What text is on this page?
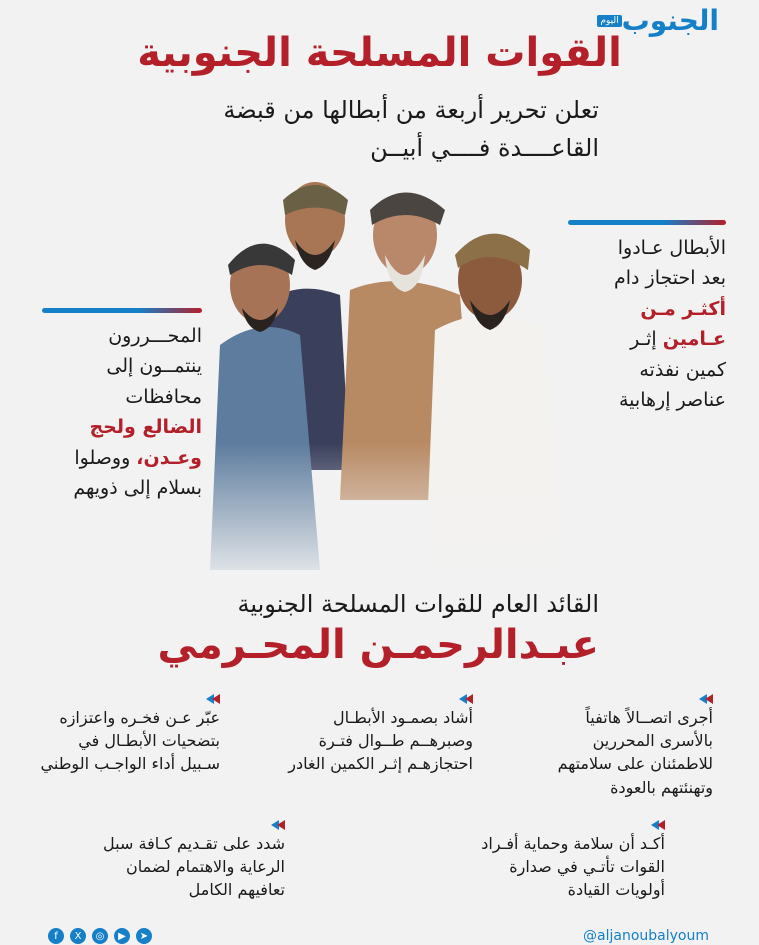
اليوم الجنوب
القوات المسلحة الجنوبية
تعلن تحرير أربعة من أبطالها من قبضة
القاعــــدة فــــي أبيــن
الأبطال عـادوا
بعد احتجاز دام
أكثـر مـن
عـامين إثـر
كمين نفذته
عناصر إرهابية
المحـــررون
ينتمــون إلى
محافظات
الضالع ولحج
وعـدن، ووصلوا
بسلام إلى ذويهم
القائد العام للقوات المسلحة الجنوبية
عبـدالرحمـن المحـرمي
أجرى اتصــالاً هاتفياً بالأسرى المحررين للاطمئنان على سلامتهم وتهنئتهم بالعودة
أشاد بصمـود الأبطـال وصبرهــم طــوال فتـرة احتجازهـم إثـر الكمين الغادر
عبّر عـن فخـره واعتزازه بتضحيات الأبطـال في سـبيل أداء الواجـب الوطني
أكـد أن سلامة وحماية أفـراد القوات تأتـي في صدارة أولويات القيادة
شدد على تقـديم كـافة سبل الرعاية والاهتمام لضمان تعافيهم الكامل
f	X	◎	▶	➤	@aljanoubalyoum
